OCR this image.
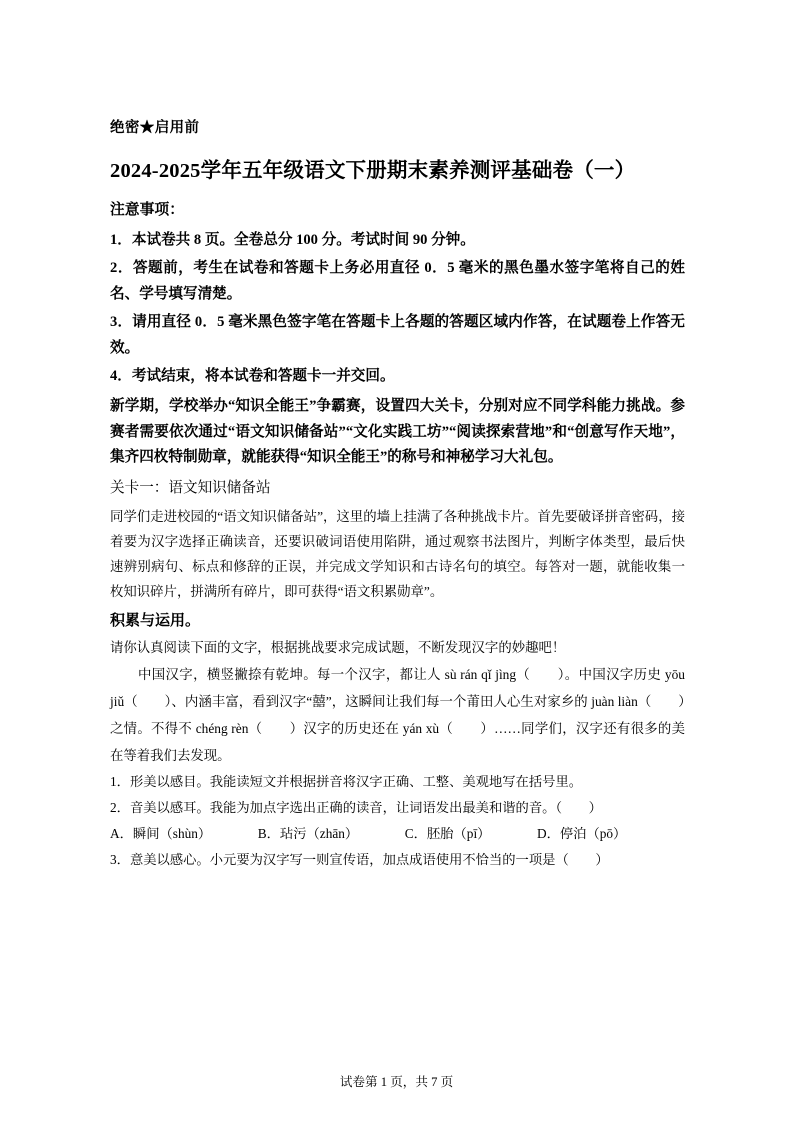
绝密★启用前
2024-2025学年五年级语文下册期末素养测评基础卷（一）
注意事项：
1．本试卷共 8 页。全卷总分 100 分。考试时间 90 分钟。
2．答题前，考生在试卷和答题卡上务必用直径 0．5 毫米的黑色墨水签字笔将自己的姓名、学号填写清楚。
3．请用直径 0．5 毫米黑色签字笔在答题卡上各题的答题区域内作答，在试题卷上作答无效。
4．考试结束，将本试卷和答题卡一并交回。
新学期，学校举办“知识全能王”争霸赛，设置四大关卡，分别对应不同学科能力挑战。参赛者需要依次通过“语文知识储备站”“文化实践工坊”“阅读探索营地”和“创意写作天地”，集齐四枚特制勋章，就能获得“知识全能王”的称号和神秘学习大礼包。
关卡一：语文知识储备站
同学们走进校园的“语文知识储备站”，这里的墙上挂满了各种挑战卡片。首先要破译拼音密码，接着要为汉字选择正确读音，还要识破词语使用陷阱，通过观察书法图片，判断字体类型，最后快速辨别病句、标点和修辞的正误，并完成文学知识和古诗名句的填空。每答对一题，就能收集一枚知识碎片，拼满所有碎片，即可获得“语文积累勋章”。
积累与运用。
请你认真阅读下面的文字，根据挑战要求完成试题，不断发现汉字的妙趣吧！
中国汉字，横竖撇捺有乾坤。每一个汉字，都让人 sù rán qǐ jìng（　　）。中国汉字历史 yōu jiǔ（　　）、内涵丰富，看到汉字“囍”，这瞬间让我们每一个莆田人心生对家乡的 juàn liàn（　　）之情。不得不 chéng rèn（　　）汉字的历史还在 yán xù（　　）……同学们，汉字还有很多的美在等着我们去发现。
1．形美以感目。我能读短文并根据拼音将汉字正确、工整、美观地写在括号里。
2．音美以感耳。我能为加点字选出正确的读音，让词语发出最美和谐的音。（　　）
A．瞬间（shùn）　　　　B．玷污（zhān）　　　　C．胚胎（pī）　　　　D．停泊（pō）
3．意美以感心。小元要为汉字写一则宣传语，加点成语使用不恰当的一项是（　　）
试卷第 1 页，共 7 页
